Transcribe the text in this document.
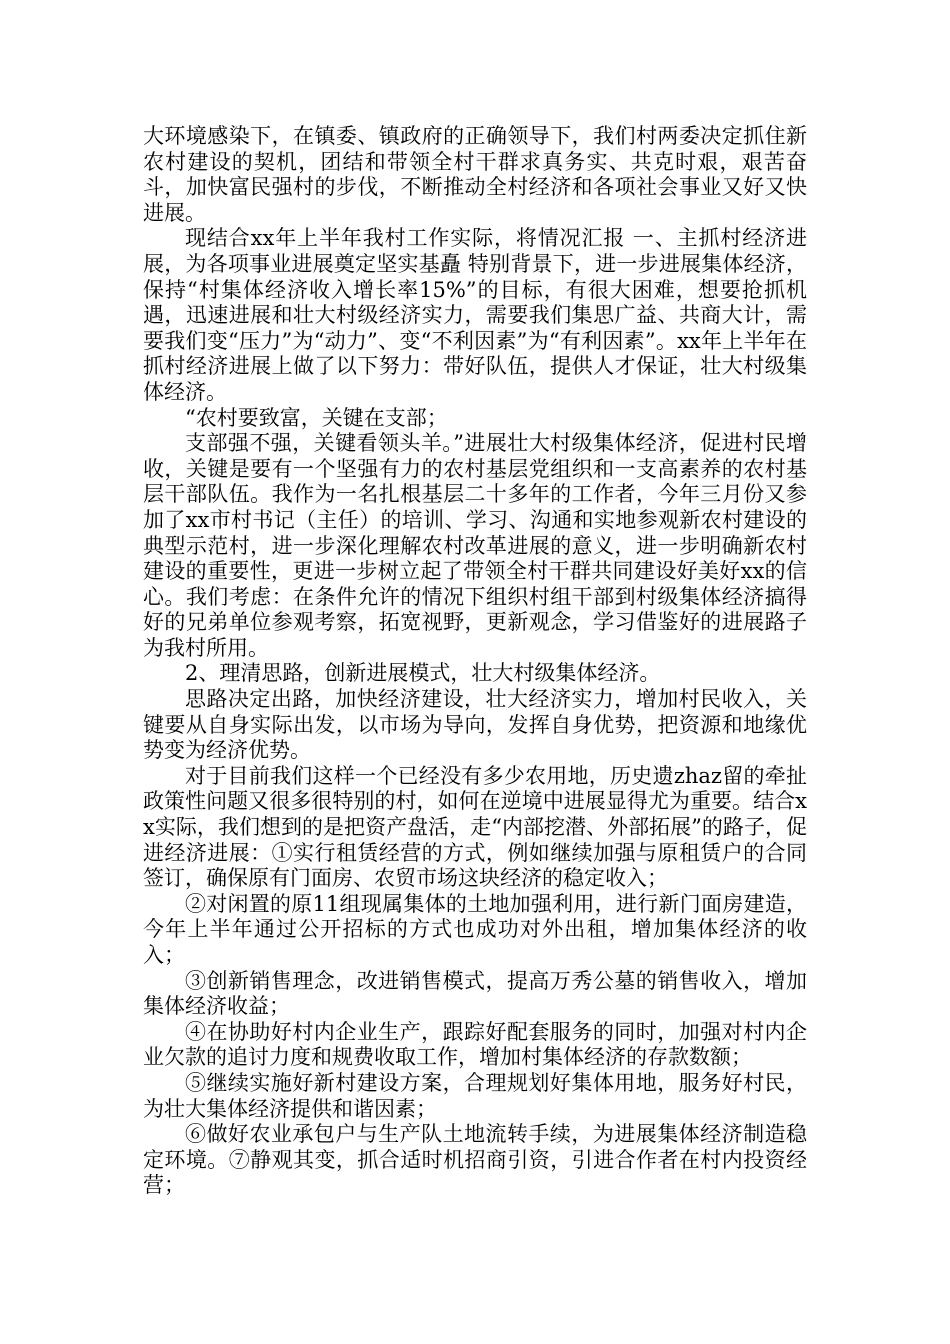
大环境感染下，在镇委、镇政府的正确领导下，我们村两委决定抓住新农村建设的契机，团结和带领全村干群求真务实、共克时艰，艰苦奋斗，加快富民强村的步伐，不断推动全村经济和各项社会事业又好又快进展。

现结合xx年上半年我村工作实际，将情况汇报 一、主抓村经济进展，为各项事业进展奠定坚实基矗 特别背景下，进一步进展集体经济，保持“村集体经济收入增长率15%”的目标，有很大困难，想要抢抓机遇，迅速进展和壮大村级经济实力，需要我们集思广益、共商大计，需要我们变“压力”为“动力”、变“不利因素”为“有利因素”。xx年上半年在抓村经济进展上做了以下努力：带好队伍，提供人才保证，壮大村级集体经济。

“农村要致富，关键在支部；

支部强不强，关键看领头羊。”进展壮大村级集体经济，促进村民增收，关键是要有一个坚强有力的农村基层党组织和一支高素养的农村基层干部队伍。我作为一名扎根基层二十多年的工作者，今年三月份又参加了xx市村书记（主任）的培训、学习、沟通和实地参观新农村建设的典型示范村，进一步深化理解农村改革进展的意义，进一步明确新农村建设的重要性，更进一步树立起了带领全村干群共同建设好美好xx的信心。我们考虑：在条件允许的情况下组织村组干部到村级集体经济搞得好的兄弟单位参观考察，拓宽视野，更新观念，学习借鉴好的进展路子为我村所用。

2、理清思路，创新进展模式，壮大村级集体经济。

思路决定出路，加快经济建设，壮大经济实力，增加村民收入，关键要从自身实际出发，以市场为导向，发挥自身优势，把资源和地缘优势变为经济优势。

对于目前我们这样一个已经没有多少农用地，历史遗zhaz留的牵扯政策性问题又很多很特别的村，如何在逆境中进展显得尤为重要。结合xx实际，我们想到的是把资产盘活，走“内部挖潜、外部拓展”的路子，促进经济进展：①实行租赁经营的方式，例如继续加强与原租赁户的合同签订，确保原有门面房、农贸市场这块经济的稳定收入；

②对闲置的原11组现属集体的土地加强利用，进行新门面房建造，今年上半年通过公开招标的方式也成功对外出租，增加集体经济的收入；

③创新销售理念，改进销售模式，提高万秀公墓的销售收入，增加集体经济收益；

④在协助好村内企业生产，跟踪好配套服务的同时，加强对村内企业欠款的追讨力度和规费收取工作，增加村集体经济的存款数额；

⑤继续实施好新村建设方案，合理规划好集体用地，服务好村民，为壮大集体经济提供和谐因素；

⑥做好农业承包户与生产队土地流转手续，为进展集体经济制造稳定环境。⑦静观其变，抓合适时机招商引资，引进合作者在村内投资经营；
